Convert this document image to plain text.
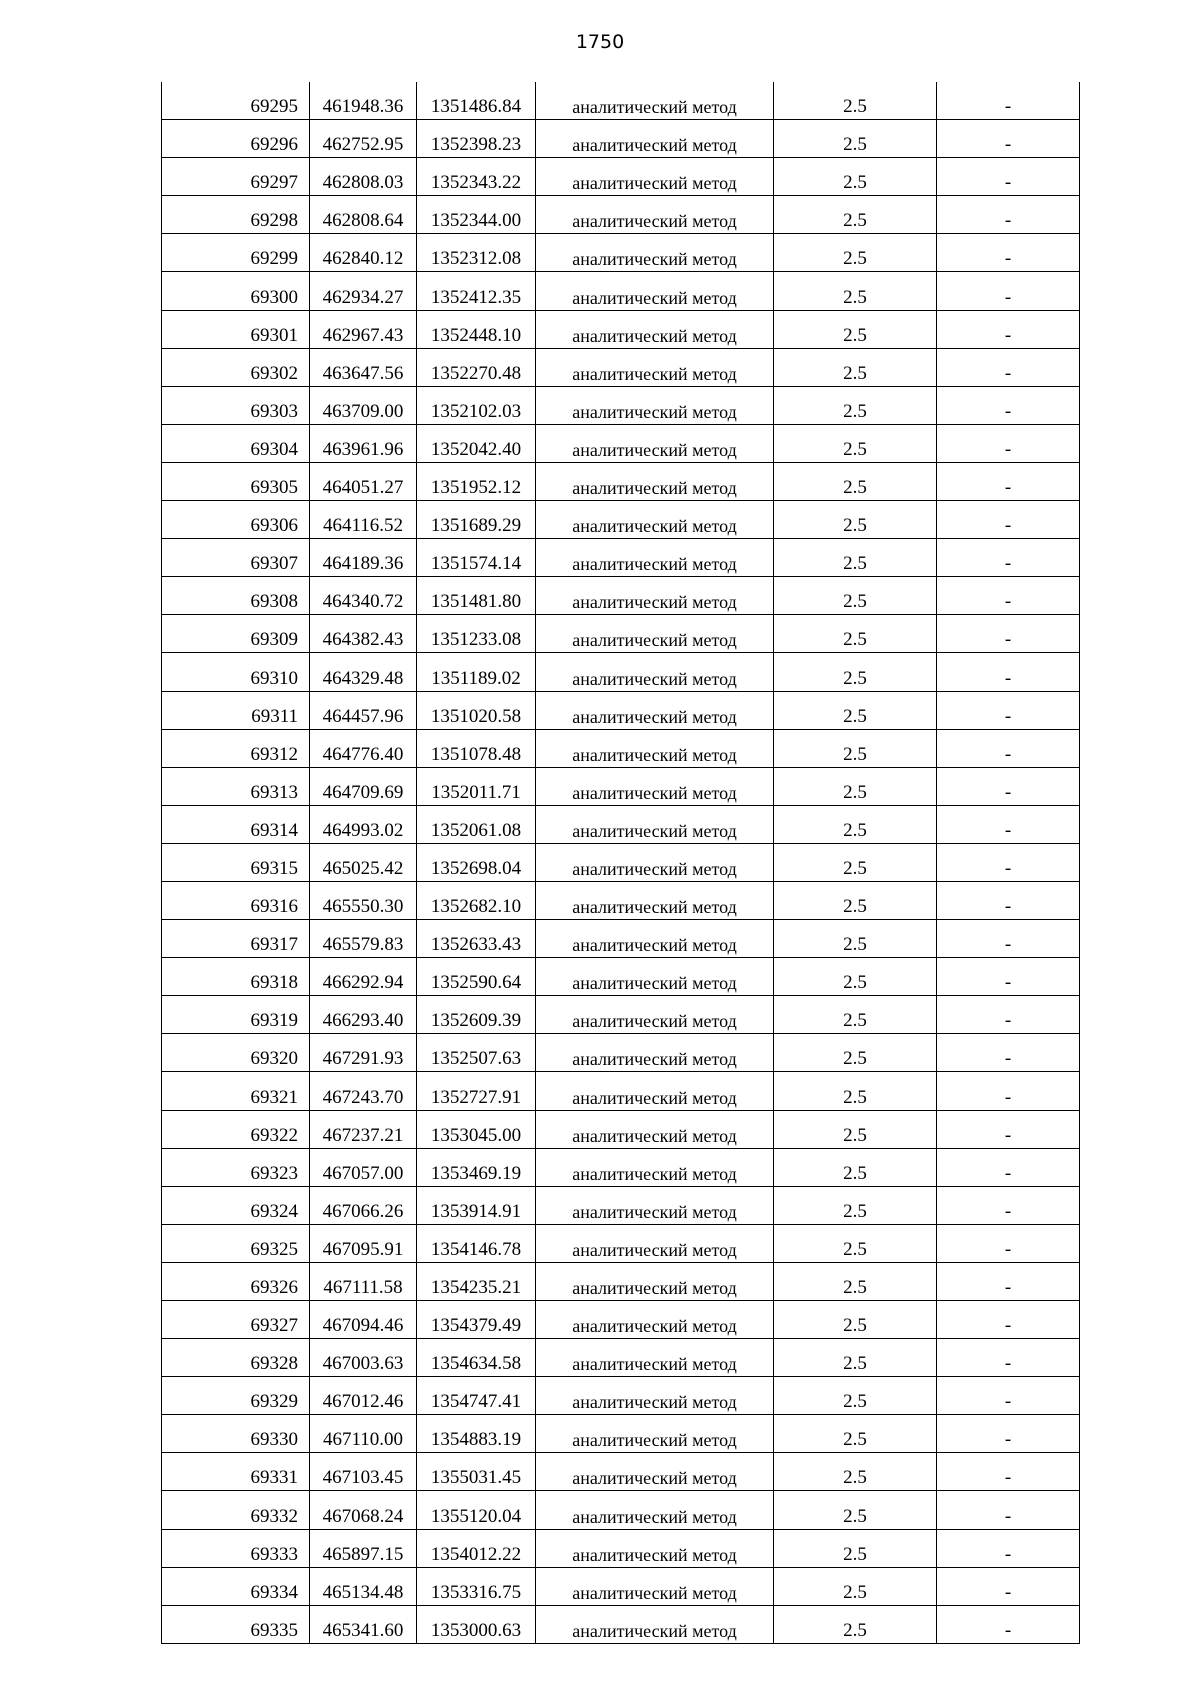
1750
69295	461948.36	1351486.84	аналитический метод	2.5	-
69296	462752.95	1352398.23	аналитический метод	2.5	-
69297	462808.03	1352343.22	аналитический метод	2.5	-
69298	462808.64	1352344.00	аналитический метод	2.5	-
69299	462840.12	1352312.08	аналитический метод	2.5	-
69300	462934.27	1352412.35	аналитический метод	2.5	-
69301	462967.43	1352448.10	аналитический метод	2.5	-
69302	463647.56	1352270.48	аналитический метод	2.5	-
69303	463709.00	1352102.03	аналитический метод	2.5	-
69304	463961.96	1352042.40	аналитический метод	2.5	-
69305	464051.27	1351952.12	аналитический метод	2.5	-
69306	464116.52	1351689.29	аналитический метод	2.5	-
69307	464189.36	1351574.14	аналитический метод	2.5	-
69308	464340.72	1351481.80	аналитический метод	2.5	-
69309	464382.43	1351233.08	аналитический метод	2.5	-
69310	464329.48	1351189.02	аналитический метод	2.5	-
69311	464457.96	1351020.58	аналитический метод	2.5	-
69312	464776.40	1351078.48	аналитический метод	2.5	-
69313	464709.69	1352011.71	аналитический метод	2.5	-
69314	464993.02	1352061.08	аналитический метод	2.5	-
69315	465025.42	1352698.04	аналитический метод	2.5	-
69316	465550.30	1352682.10	аналитический метод	2.5	-
69317	465579.83	1352633.43	аналитический метод	2.5	-
69318	466292.94	1352590.64	аналитический метод	2.5	-
69319	466293.40	1352609.39	аналитический метод	2.5	-
69320	467291.93	1352507.63	аналитический метод	2.5	-
69321	467243.70	1352727.91	аналитический метод	2.5	-
69322	467237.21	1353045.00	аналитический метод	2.5	-
69323	467057.00	1353469.19	аналитический метод	2.5	-
69324	467066.26	1353914.91	аналитический метод	2.5	-
69325	467095.91	1354146.78	аналитический метод	2.5	-
69326	467111.58	1354235.21	аналитический метод	2.5	-
69327	467094.46	1354379.49	аналитический метод	2.5	-
69328	467003.63	1354634.58	аналитический метод	2.5	-
69329	467012.46	1354747.41	аналитический метод	2.5	-
69330	467110.00	1354883.19	аналитический метод	2.5	-
69331	467103.45	1355031.45	аналитический метод	2.5	-
69332	467068.24	1355120.04	аналитический метод	2.5	-
69333	465897.15	1354012.22	аналитический метод	2.5	-
69334	465134.48	1353316.75	аналитический метод	2.5	-
69335	465341.60	1353000.63	аналитический метод	2.5	-
